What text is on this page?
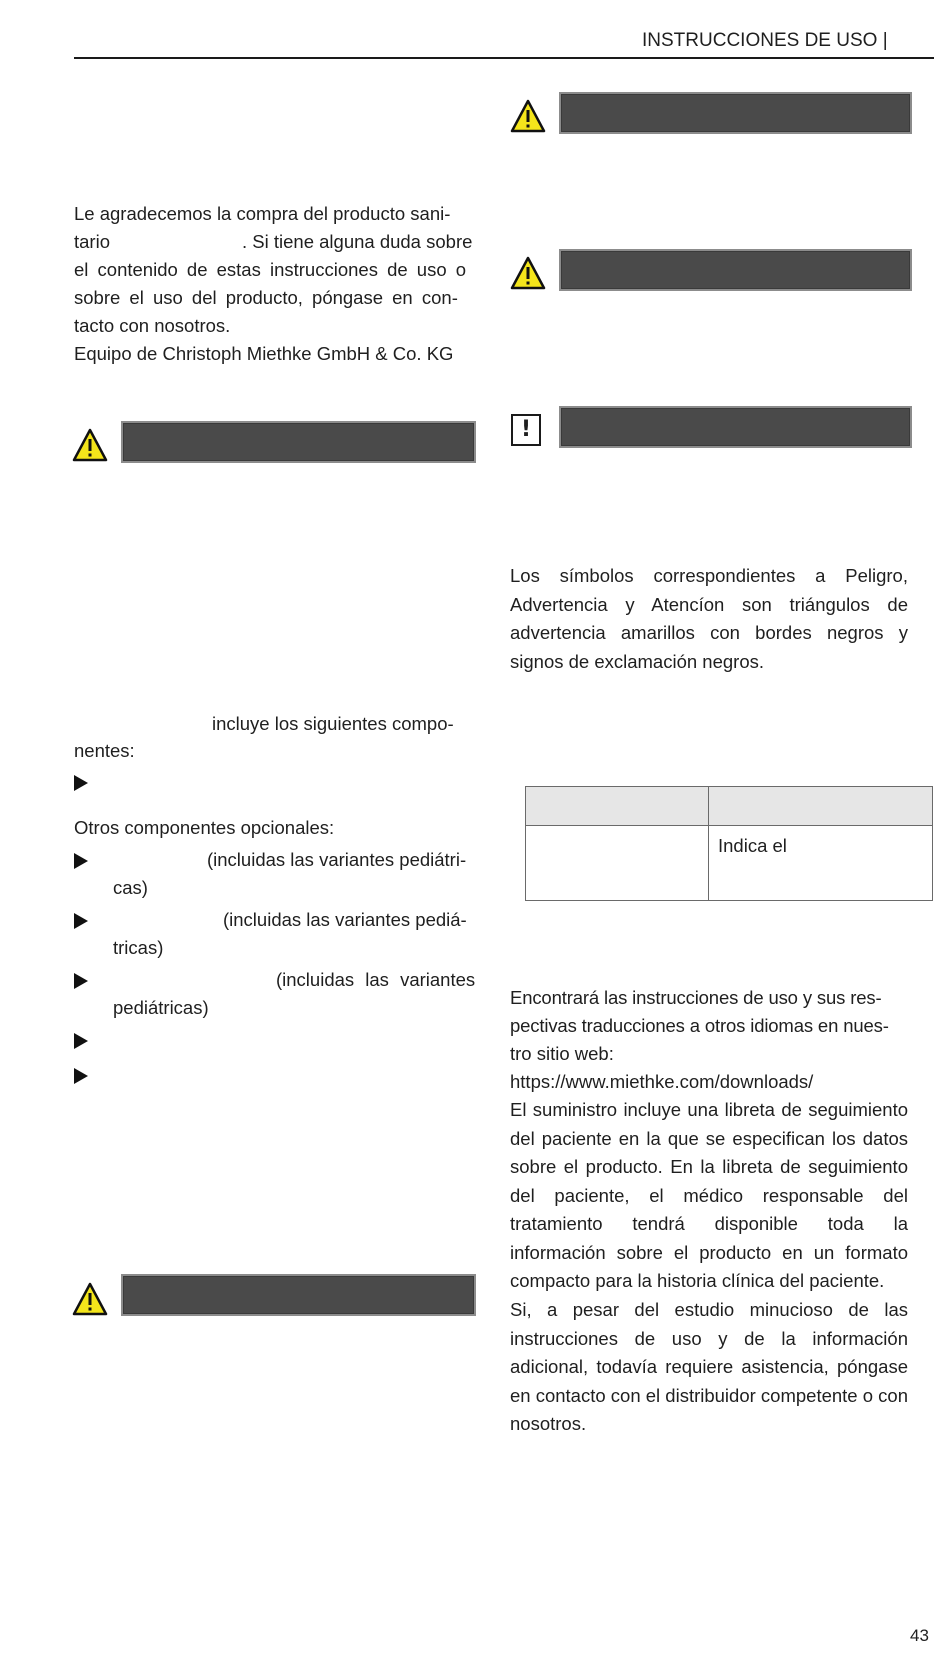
INSTRUCCIONES DE USO |
Le agradecemos la compra del producto sani-
tario	. Si tiene alguna duda sobre
el contenido de estas instrucciones de uso o
sobre el uso del producto, póngase en con-
tacto con nosotros.
Equipo de Christoph Miethke GmbH & Co. KG
incluye los siguientes compo-
nentes:
Otros componentes opcionales:
(incluidas las variantes pediátri-
cas)
(incluidas las variantes pediá-
tricas)
(incluidas las variantes
pediátricas)
!
Los símbolos correspondientes a Peligro, Advertencia y Atencíon son triángulos de advertencia amarillos con bordes negros y signos de exclamación negros.

	Indica el
Encontrará las instrucciones de uso y sus res-
pectivas traducciones a otros idiomas en nues-
tro sitio web:
https://www.miethke.com/downloads/
El suministro incluye una libreta de seguimiento del paciente en la que se especifican los datos sobre el producto. En la libreta de seguimiento del paciente, el médico responsable del tratamiento tendrá disponible toda la información sobre el producto en un formato compacto para la historia clínica del paciente.
Si, a pesar del estudio minucioso de las instrucciones de uso y de la información adicional, todavía requiere asistencia, póngase en contacto con el distribuidor competente o con nosotros.
43
